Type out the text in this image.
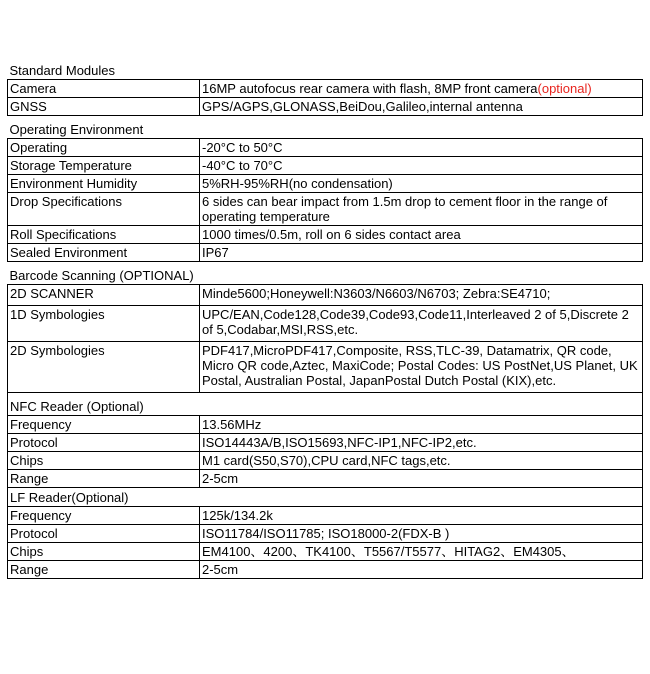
Standard Modules	
Camera	16MP autofocus rear camera with flash, 8MP front camera(optional)
GNSS	GPS/AGPS,GLONASS,BeiDou,Galileo,internal antenna
Operating Environment	
Operating	-20°C to 50°C
Storage Temperature	-40°C to 70°C
Environment Humidity	5%RH-95%RH(no condensation)
Drop Specifications	6 sides can bear impact from 1.5m drop to cement floor in the range of operating temperature
Roll Specifications	1000 times/0.5m, roll on 6 sides contact area
Sealed Environment	IP67
Barcode Scanning (OPTIONAL)	
2D SCANNER	Minde5600;Honeywell:N3603/N6603/N6703; Zebra:SE4710;
1D Symbologies	UPC/EAN,Code128,Code39,Code93,Code11,Interleaved 2 of 5,Discrete 2 of 5,Codabar,MSI,RSS,etc.
2D Symbologies	PDF417,MicroPDF417,Composite, RSS,TLC-39, Datamatrix, QR code, Micro QR code,Aztec, MaxiCode; Postal Codes: US PostNet,US Planet, UK Postal, Australian Postal, JapanPostal Dutch Postal (KIX),etc.
NFC Reader (Optional)	
Frequency	13.56MHz
Protocol	ISO14443A/B,ISO15693,NFC-IP1,NFC-IP2,etc.
Chips	M1 card(S50,S70),CPU card,NFC tags,etc.
Range	2-5cm
LF Reader(Optional)	
Frequency	125k/134.2k
Protocol	ISO11784/ISO11785; ISO18000-2(FDX-B )
Chips	EM4100、4200、TK4100、T5567/T5577、HITAG2、EM4305、
Range	2-5cm
